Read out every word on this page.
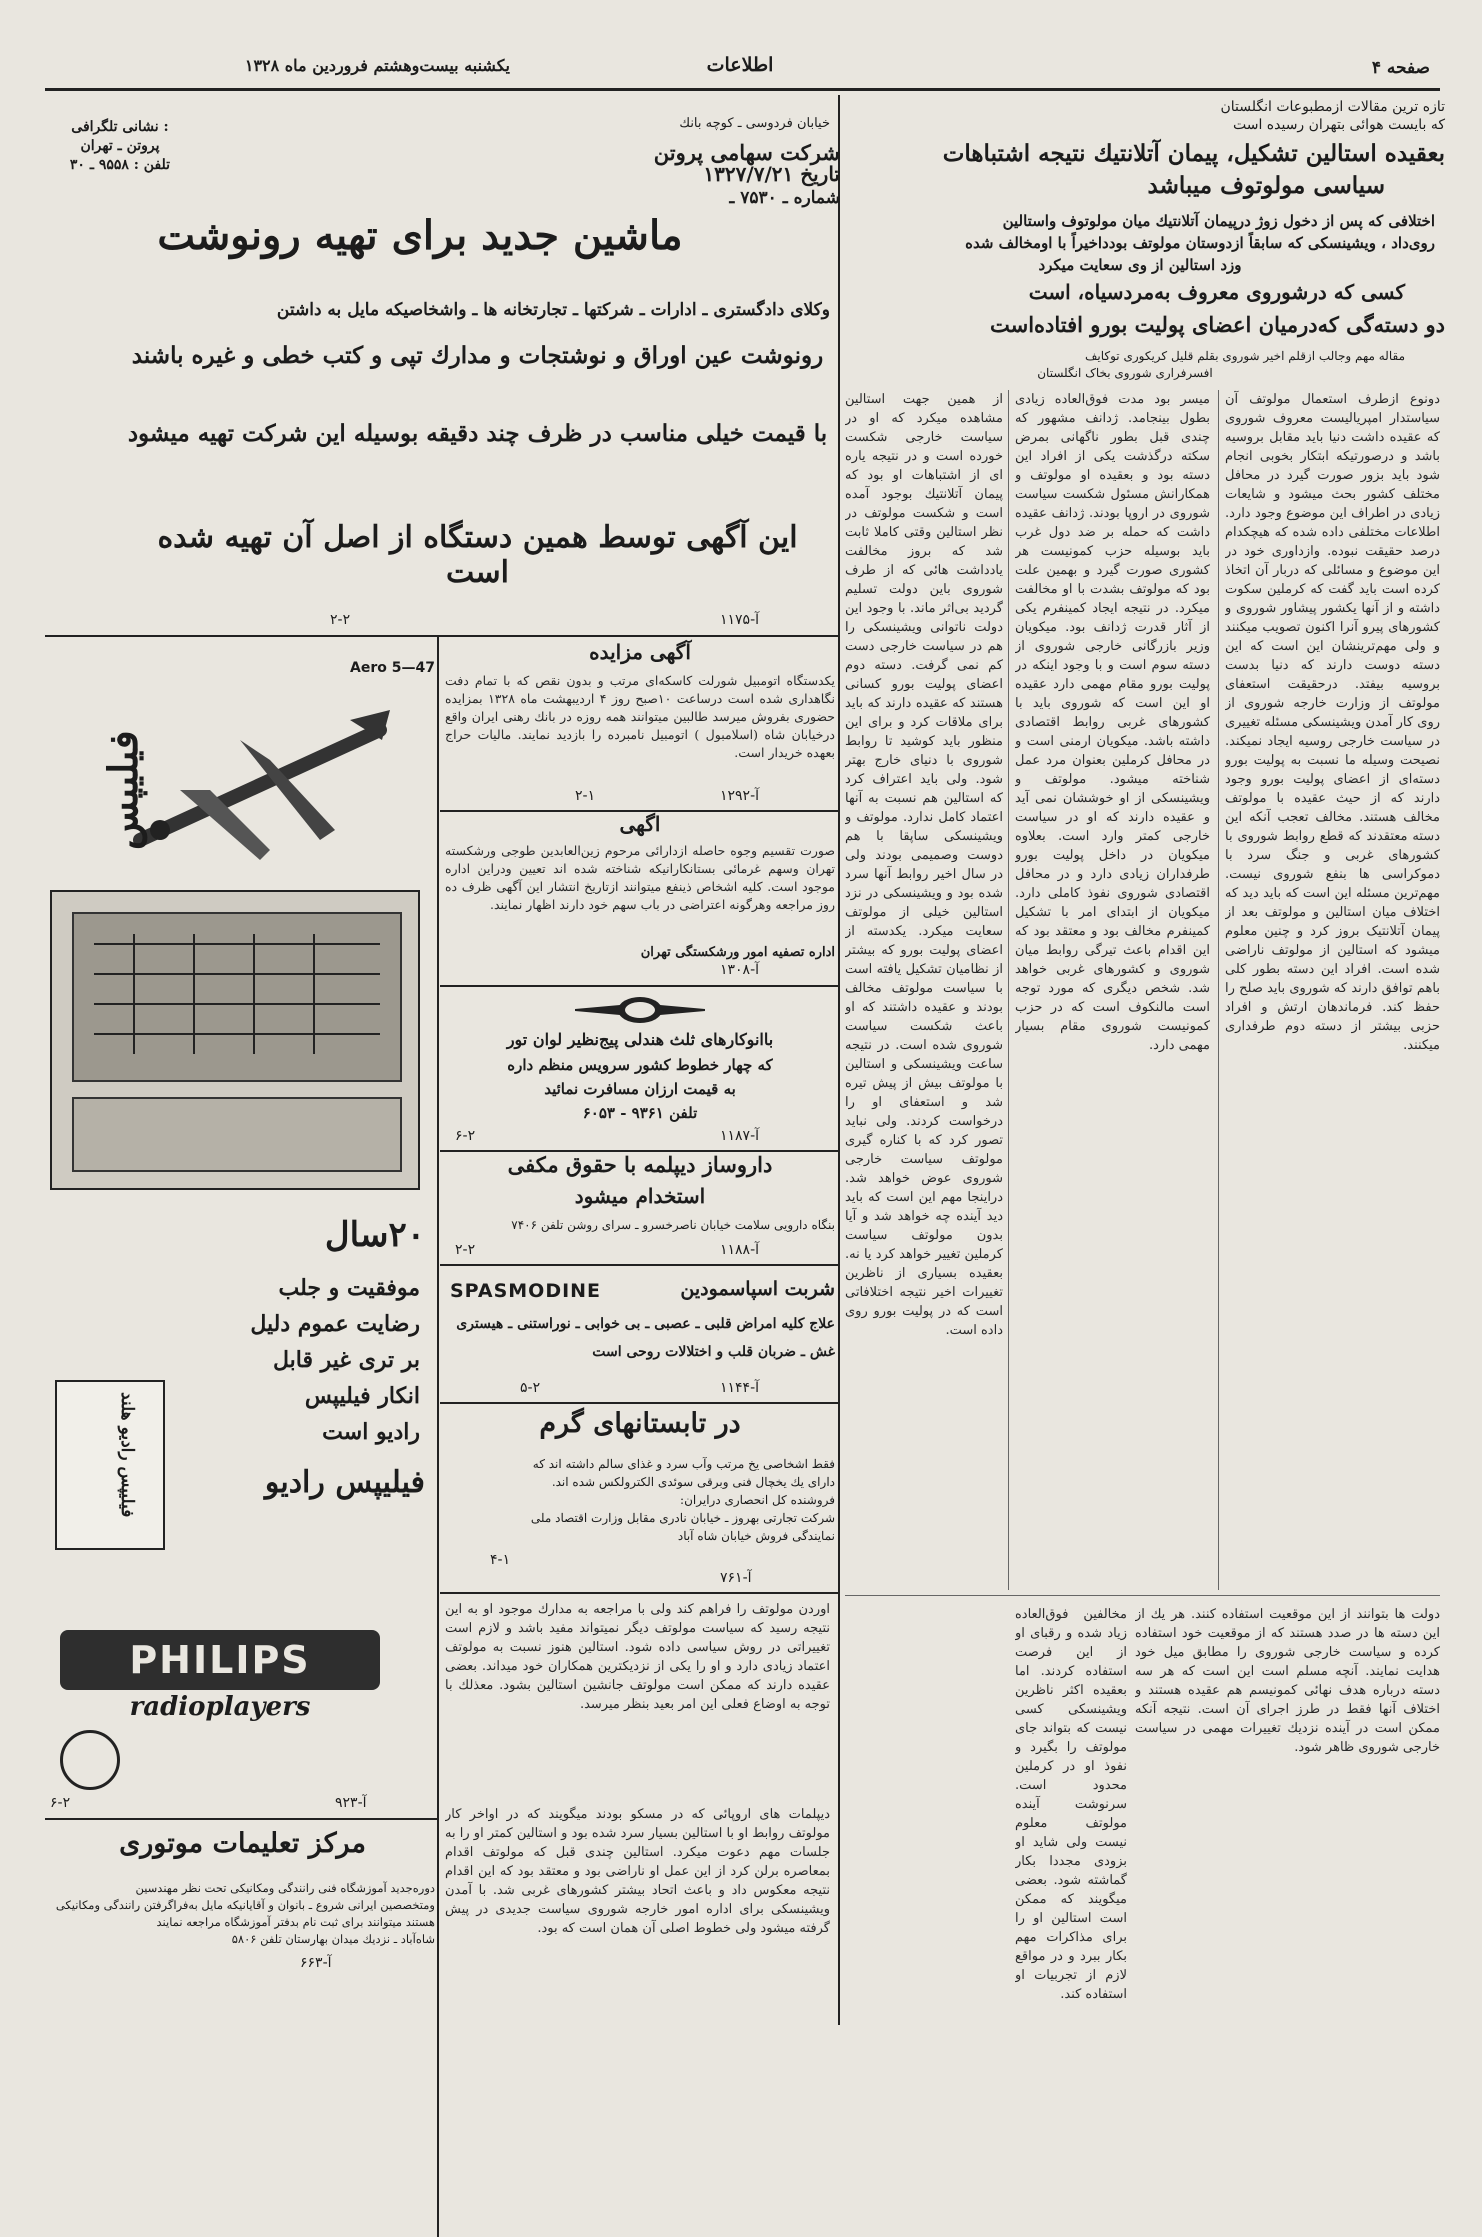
صفحه ۴
اطلاعات
یکشنبه بیست‌وهشتم فروردین ماه ۱۳۲۸
تازه ترین مقالات ازمطبوعات انگلستان
که بایست هوائی بتهران رسیده است
بعقیده استالین تشکیل، پیمان آتلانتیك نتیجه اشتباهات
سیاسی مولوتوف میباشد
اختلافی که پس از دخول زوژ درپیمان آتلانتیك میان مولوتوف واستالین
روی‌داد ، ویشینسکی که سابقاً ازدوستان مولوتف بودداخیراً با اومخالف شده
وزد استالین از وی سعایت میکرد
کسی که درشوروی معروف به‌مردسیاه، است
دو دسته‌گی که‌درمیان اعضای پولیت بورو افتاده‌است
مقاله مهم وجالب ازقلم اخیر شوروی بقلم قلیل کریکوری توکایف
افسرفراری شوروی بخاک انگلستان
دونوع ازطرف استعمال مولوتف آن سیاستدار امپریالیست معروف شوروی که عقیده داشت دنیا باید مقابل بروسیه باشد و درصورتیکه ابتکار بخوبی انجام شود باید بزور صورت گیرد در محافل مختلف کشور بحث میشود و شایعات زیادی در اطراف این موضوع وجود دارد. اطلاعات مختلفی داده شده که هیچکدام درصد حقیقت نبوده. وازداوری خود در این موضوع و مسائلی که دربار آن اتخاذ کرده است باید گفت که کرملین سکوت داشته و از آنها یکشور پیشاور شوروی و کشورهای پیرو آنرا اکنون تصویب میکنند و ولی مهم‌ترینشان این است که این دسته دوست دارند که دنیا بدست بروسیه بیفتد. درحقیقت استعفای مولوتف از وزارت خارجه شوروی از روی کار آمدن ویشینسکی مسئله تغییری در سیاست خارجی روسیه ایجاد نمیکند. نصیحت وسیله ما نسبت به پولیت بورو دسته‌ای از اعضای پولیت بورو وجود دارند که از حیث عقیده با مولوتف مخالف هستند. مخالف تعجب آنکه این دسته معتقدند که قطع روابط شوروی با کشورهای غربی و جنگ سرد با دموکراسی ها بنفع شوروی نیست. مهم‌ترین مسئله این است که باید دید که اختلاف میان استالین و مولوتف بعد از پیمان آتلانتیک بروز کرد و چنین معلوم میشود که استالین از مولوتف ناراضی شده است. افراد این دسته بطور کلی باهم توافق دارند که شوروی باید صلح را حفظ کند. فرماندهان ارتش و افراد حزبی بیشتر از دسته دوم طرفداری میکنند.
میسر بود مدت فوق‌العاده زیادی بطول بینجامد. ژدانف مشهور که چندی قبل بطور ناگهانی بمرض سکته درگذشت یکی از افراد این دسته بود و بعقیده او مولوتف و همکارانش مسئول شکست سیاست شوروی در اروپا بودند. ژدانف عقیده داشت که حمله بر ضد دول غرب باید بوسیله حزب کمونیست هر کشوری صورت گیرد و بهمین علت بود که مولوتف بشدت با او مخالفت میکرد. در نتیجه ایجاد کمینفرم یکی از آثار قدرت ژدانف بود. میکویان وزیر بازرگانی خارجی شوروی از دسته سوم است و با وجود اینکه در پولیت بورو مقام مهمی دارد عقیده او این است که شوروی باید با کشورهای غربی روابط اقتصادی داشته باشد. میکویان ارمنی است و در محافل کرملین بعنوان مرد عمل شناخته میشود. مولوتف و ویشینسکی از او خوششان نمی آید و عقیده دارند که او در سیاست خارجی کمتر وارد است. بعلاوه میکویان در داخل پولیت بورو طرفداران زیادی دارد و در محافل اقتصادی شوروی نفوذ کاملی دارد. میکویان از ابتدای امر با تشکیل کمینفرم مخالف بود و معتقد بود که این اقدام باعث تیرگی روابط میان شوروی و کشورهای غربی خواهد شد. شخص دیگری که مورد توجه است مالنکوف است که در حزب کمونیست شوروی مقام بسیار مهمی دارد.
از همین جهت استالین مشاهده میکرد که او در سیاست خارجی شکست خورده است و در نتیجه یاره ای از اشتباهات او بود که پیمان آتلانتیك بوجود آمده است و شکست مولوتف در نظر استالین وقتی کاملا ثابت شد که بروز مخالفت یادداشت هائی که از طرف شوروی باین دولت تسلیم گردید بی‌اثر ماند. با وجود این دولت ناتوانی ویشینسکی را هم در سیاست خارجی دست کم نمی گرفت. دسته دوم اعضای پولیت بورو کسانی هستند که عقیده دارند که باید برای ملاقات کرد و برای این منظور باید کوشید تا روابط شوروی با دنیای خارج بهتر شود. ولی باید اعتراف کرد که استالین هم نسبت به آنها اعتماد کامل ندارد. مولوتف و ویشینسکی ساپقا با هم دوست وصمیمی بودند ولی در سال اخیر روابط آنها سرد شده بود و ویشینسکی در نزد استالین خیلی از مولوتف سعایت میکرد. یکدسته از اعضای پولیت بورو که بیشتر از نظامیان تشکیل یافته است با سیاست مولوتف مخالف بودند و عقیده داشتند که او باعث شکست سیاست شوروی شده است. در نتیجه ساعت ویشینسکی و استالین با مولوتف بیش از پیش تیره شد و استعفای او را درخواست کردند. ولی نباید تصور کرد که با کناره گیری مولوتف سیاست خارجی شوروی عوض خواهد شد. دراینجا مهم این است که باید دید آینده چه خواهد شد و آیا بدون مولوتف سیاست کرملین تغییر خواهد کرد یا نه. بعقیده بسیاری از ناظرین تغییرات اخیر نتیجه اختلافاتی است که در پولیت بورو روی داده است.
دولت ها بتوانند از این موقعیت استفاده کنند. هر یك از این دسته ها در صدد هستند که از موقعیت خود استفاده کرده و سیاست خارجی شوروی را مطابق میل خود هدایت نمایند. آنچه مسلم است این است که هر سه دسته درباره هدف نهائی کمونیسم هم عقیده هستند و اختلاف آنها فقط در طرز اجرای آن است. نتیجه آنکه ممکن است در آینده نزدیك تغییرات مهمی در سیاست خارجی شوروی ظاهر شود.
مخالفین فوق‌العاده زیاد شده و رقبای او از این فرصت استفاده کردند. اما بعقیده اکثر ناظرین ویشینسکی کسی نیست که بتواند جای مولوتف را بگیرد و نفوذ او در کرملین محدود است. سرنوشت آینده مولوتف معلوم نیست ولی شاید او بزودی مجددا بکار گماشته شود. بعضی میگویند که ممکن است استالین او را برای مذاکرات مهم بکار ببرد و در مواقع لازم از تجربیات او استفاده کند.
اوردن مولوتف را فراهم کند ولی با مراجعه به مدارك موجود او به این نتیجه رسید که سیاست مولوتف دیگر نمیتواند مفید باشد و لازم است تغییراتی در روش سیاسی داده شود. استالین هنوز نسبت به مولوتف اعتماد زیادی دارد و او را یکی از نزدیکترین همکاران خود میداند. بعضی عقیده دارند که ممکن است مولوتف جانشین استالین بشود. معذلك با توجه به اوضاع فعلی این امر بعید بنظر میرسد.
دیپلمات های اروپائی که در مسکو بودند میگویند که در اواخر کار مولوتف روابط او با استالین بسیار سرد شده بود و استالین کمتر او را به جلسات مهم دعوت میکرد. استالین چندی قبل که مولوتف اقدام بمعاصره برلن کرد از این عمل او ناراضی بود و معتقد بود که این اقدام نتیجه معکوس داد و باعث اتحاد بیشتر کشورهای غربی شد. با آمدن ویشینسکی برای اداره امور خارجه شوروی سیاست جدیدی در پیش گرفته میشود ولی خطوط اصلی آن همان است که بود.
خیابان فردوسی ـ کوچه بانك
شرکت سهامی پروتن
نشانی تلگرافی :
پروتن ـ تهران
تلفن : ۹۵۵۸ ـ ۳۰	تاریخ ۱۳۲۷/۷/۲۱
شماره ـ ۷۵۳۰ ـ
ماشین جدید برای تهیه رونوشت
وکلای دادگستری ـ ادارات ـ شرکتها ـ تجارتخانه ها ـ واشخاصیکه مایل به داشتن
رونوشت عین اوراق و نوشتجات و مدارك تپی و کتب خطی و غیره باشند
با قیمت خیلی مناسب در ظرف چند دقیقه بوسیله این شرکت تهیه میشود
این آگهی توسط همین دستگاه از اصل آن تهیه شده است
۲-۲	آ-۱۱۷۵
آگهی مزایده
یکدستگاه اتومبیل شورلت کاسکه‌ای مرتب و بدون نقص که با تمام دفت نگاهداری شده است درساعت ۱۰صبح روز ۴ اردیبهشت ماه ۱۳۲۸ بمزایده حضوری بفروش میرسد طالبین میتوانند همه روزه در بانك رهنی ایران واقع درخیابان شاه (اسلامبول ) اتومبیل نامبرده را بازدید نمایند. مالیات حراج بعهده خریدار است.
۲-۱	آ-۱۲۹۲
اگهی
صورت تقسیم وجوه حاصله ازدارائی مرحوم زین‌العابدین طوجی ورشکسته تهران وسهم غرمائی بستانکارانیکه شناخته شده اند تعیین ودراین اداره موجود است. کلیه اشخاص ذینفع میتوانند ازتاریخ انتشار این آگهی ظرف ده روز مراجعه وهرگونه اعتراضی در باب سهم خود دارند اظهار نمایند.
اداره تصفیه امور ورشکستگی تهران
آ-۱۳۰۸
باانوکارهای ثلث هندلی پیج‌نظیر لوان تور
که چهار خطوط کشور سرویس منظم داره
به قیمت ارزان مسافرت نمائید
تلفن ۹۳۶۱ - ۶۰۵۳
۶-۲	آ-۱۱۸۷
داروساز دیپلمه با حقوق مکفی
استخدام میشود
بنگاه دارویی سلامت خیابان ناصرخسرو ـ سرای روشن تلفن ۷۴۰۶
۲-۲	آ-۱۱۸۸
SPASMODINE	شربت اسپاسمودین
علاج کلیه امراض قلبی ـ عصبی ـ بی خوابی ـ نوراستنی ـ هیستری
غش ـ ضربان قلب و اختلالات روحی است
۵-۲	آ-۱۱۴۴
در تابستانهای گرم
فقط اشخاصی یخ مرتب وآب سرد و غذای سالم داشته اند که
دارای یك یخچال فنی وبرقی سوئدی الکترولکس شده اند.
فروشنده کل انحصاری درایران:
شرکت تجارتی بهروز ـ خیابان نادری مقابل وزارت اقتصاد ملی
نمایندگی فروش خیابان شاه آباد
۴-۱
آ-۷۶۱
Aero 5—47
فیلیپس
۲۰سال
موفقیت و جلب
رضایت عموم دلیل
بر تری غیر قابل
انکار فیلیپس
رادیو است
فیلیپس رادیو
فیلیپس رادیو هلند
PHILIPS
radioplayers
۶-۲	آ-۹۲۳
مرکز تعلیمات موتوری
دوره‌جدید آموزشگاه فنی رانندگی ومکانیکی تحت نظر مهندسین
ومتخصصین ایرانی شروع ـ بانوان و آقایانیکه مایل به‌فراگرفتن رانندگی ومکانیکی
هستند میتوانند برای ثبت نام بدفتر آموزشگاه مراجعه نمایند
شاه‌آباد ـ نزدیك میدان بهارستان تلفن ۵۸۰۶
آ-۶۶۳
